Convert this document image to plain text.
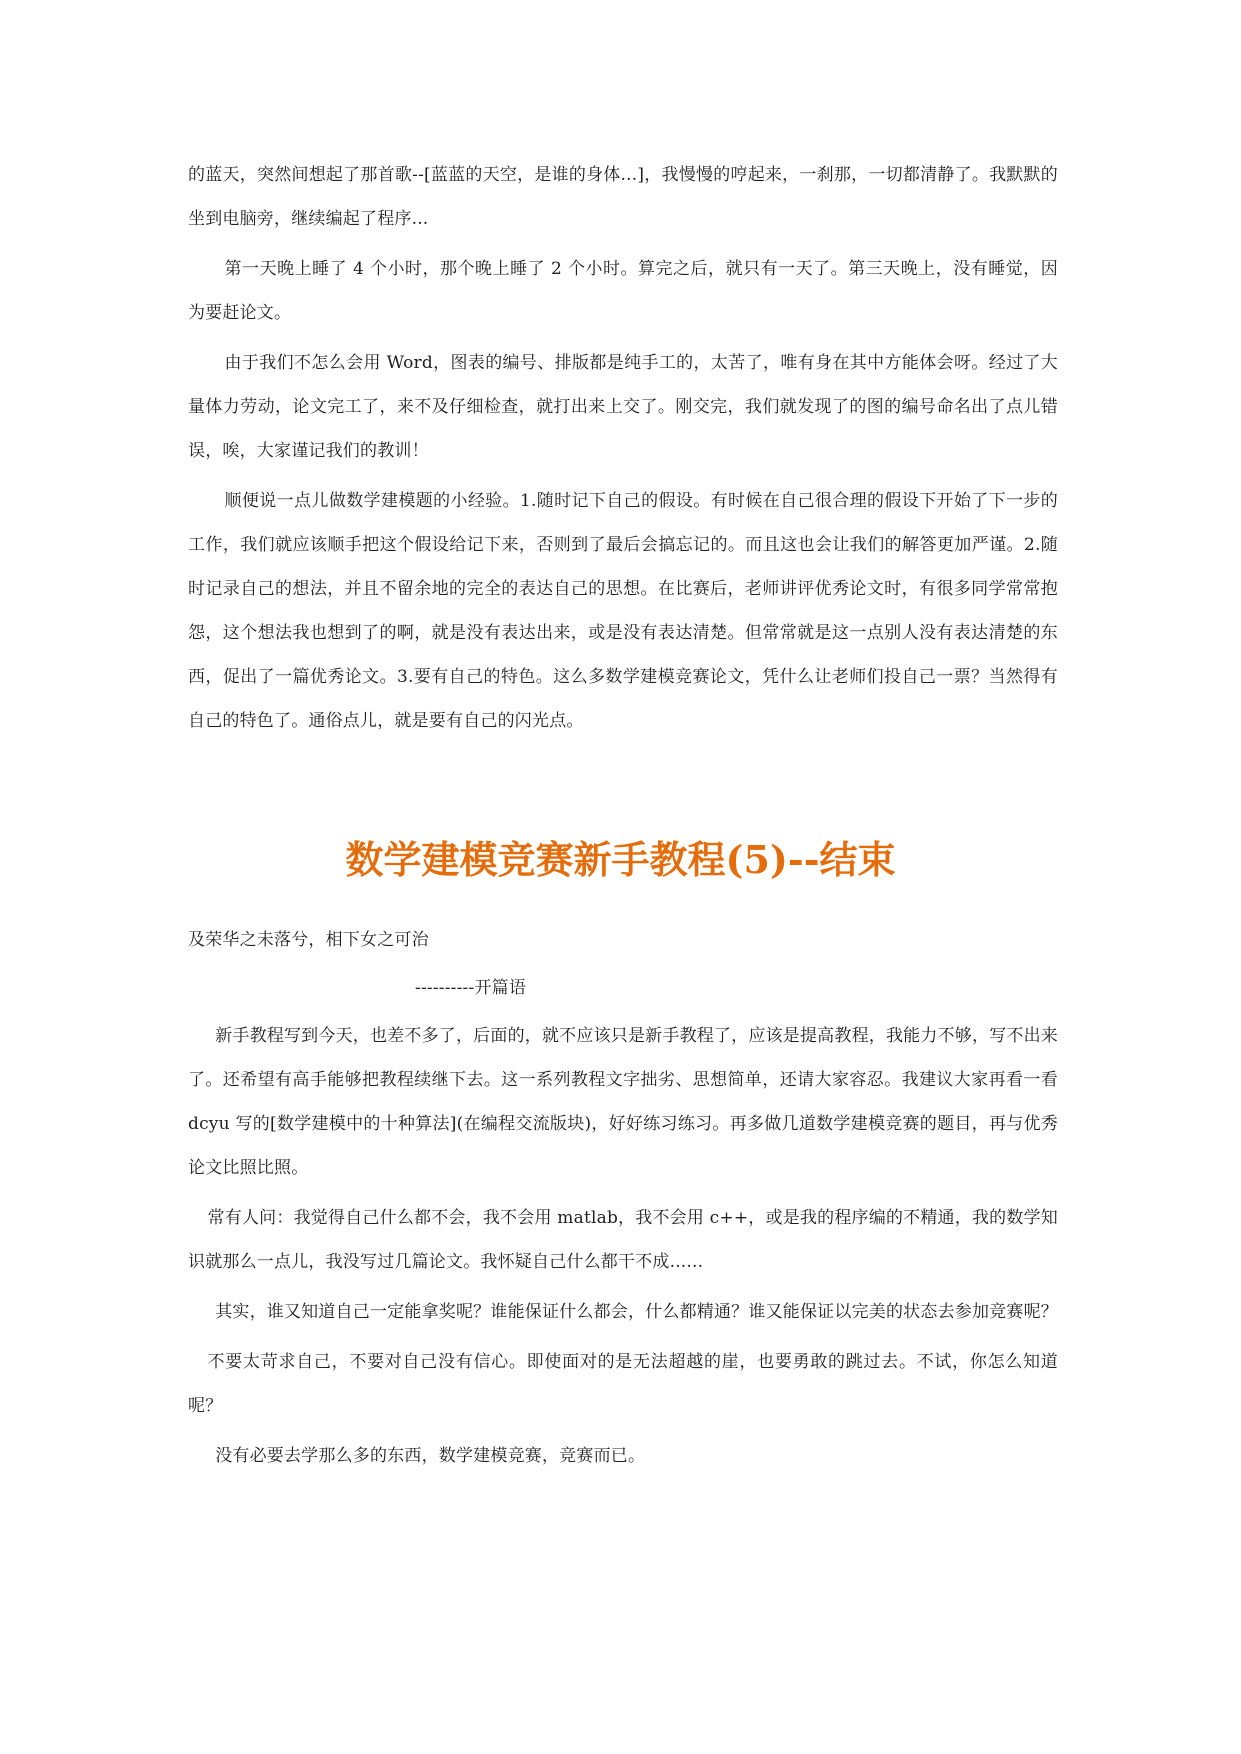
的蓝天，突然间想起了那首歌--[蓝蓝的天空，是谁的身体...]，我慢慢的哼起来，一刹那，一切都清静了。我默默的坐到电脑旁，继续编起了程序...

第一天晚上睡了 4 个小时，那个晚上睡了 2 个小时。算完之后，就只有一天了。第三天晚上，没有睡觉，因为要赶论文。

由于我们不怎么会用 Word，图表的编号、排版都是纯手工的，太苦了，唯有身在其中方能体会呀。经过了大量体力劳动，论文完工了，来不及仔细检查，就打出来上交了。刚交完，我们就发现了的图的编号命名出了点儿错误，唉，大家谨记我们的教训！

顺便说一点儿做数学建模题的小经验。1.随时记下自己的假设。有时候在自己很合理的假设下开始了下一步的工作，我们就应该顺手把这个假设给记下来，否则到了最后会搞忘记的。而且这也会让我们的解答更加严谨。2.随时记录自己的想法，并且不留余地的完全的表达自己的思想。在比赛后，老师讲评优秀论文时，有很多同学常常抱怨，这个想法我也想到了的啊，就是没有表达出来，或是没有表达清楚。但常常就是这一点别人没有表达清楚的东西，促出了一篇优秀论文。3.要有自己的特色。这么多数学建模竞赛论文，凭什么让老师们投自己一票？当然得有自己的特色了。通俗点儿，就是要有自己的闪光点。

数学建模竞赛新手教程(5)--结束

及荣华之未落兮，相下女之可治

----------开篇语

新手教程写到今天，也差不多了，后面的，就不应该只是新手教程了，应该是提高教程，我能力不够，写不出来了。还希望有高手能够把教程续继下去。这一系列教程文字拙劣、思想简单，还请大家容忍。我建议大家再看一看 dcyu 写的[数学建模中的十种算法](在编程交流版块)，好好练习练习。再多做几道数学建模竞赛的题目，再与优秀论文比照比照。

常有人问：我觉得自己什么都不会，我不会用 matlab，我不会用 c++，或是我的程序编的不精通，我的数学知识就那么一点儿，我没写过几篇论文。我怀疑自己什么都干不成......

其实，谁又知道自己一定能拿奖呢？谁能保证什么都会，什么都精通？谁又能保证以完美的状态去参加竞赛呢？

不要太苛求自己，不要对自己没有信心。即使面对的是无法超越的崖，也要勇敢的跳过去。不试，你怎么知道呢？

没有必要去学那么多的东西，数学建模竞赛，竞赛而已。
